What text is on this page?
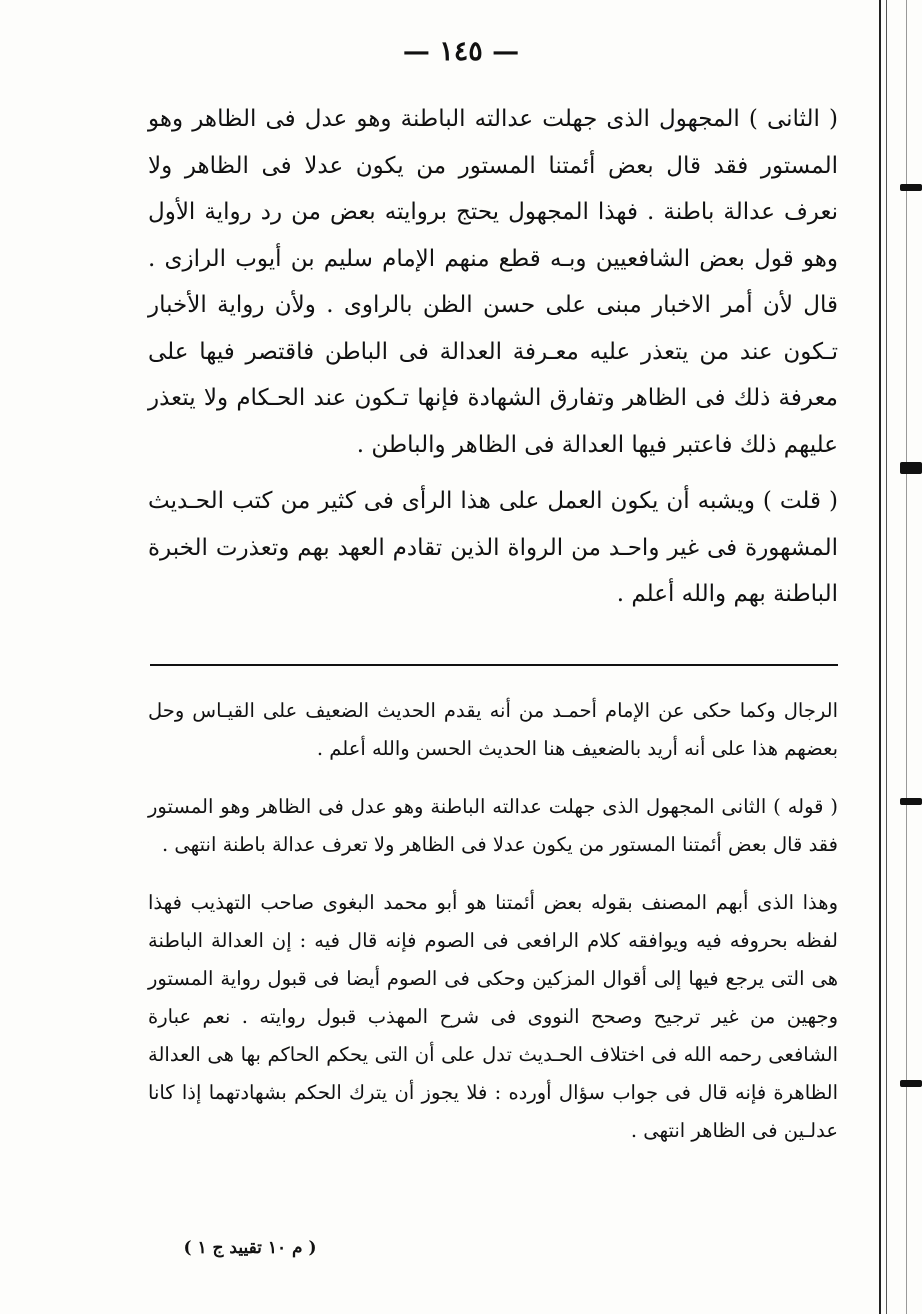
— ١٤٥ —

( الثانى ) المجهول الذى جهلت عدالته الباطنة وهو عدل فى الظاهر وهو المستور فقد قال بعض أئمتنا المستور من يكون عدلا فى الظاهر ولا نعرف عدالة باطنة . فهذا المجهول يحتج بروايته بعض من رد رواية الأول وهو قول بعض الشافعيين وبـه قطع منهم الإمام سليم بن أيوب الرازى . قال لأن أمر الاخبار مبنى على حسن الظن بالراوى . ولأن رواية الأخبار تـكون عند من يتعذر عليه معـرفة العدالة فى الباطن فاقتصر فيها على معرفة ذلك فى الظاهر وتفارق الشهادة فإنها تـكون عند الحـكام ولا يتعذر عليهم ذلك فاعتبر فيها العدالة فى الظاهر والباطن .

( قلت ) ويشبه أن يكون العمل على هذا الرأى فى كثير من كتب الحـديث المشهورة فى غير واحـد من الرواة الذين تقادم العهد بهم وتعذرت الخبرة الباطنة بهم والله أعلم .

الرجال وكما حكى عن الإمام أحمـد من أنه يقدم الحديث الضعيف على القيـاس وحل بعضهم هذا على أنه أريد بالضعيف هنا الحديث الحسن والله أعلم .

( قوله ) الثانى المجهول الذى جهلت عدالته الباطنة وهو عدل فى الظاهر وهو المستور فقد قال بعض أئمتنا المستور من يكون عدلا فى الظاهر ولا تعرف عدالة باطنة انتهى .

وهذا الذى أبهم المصنف بقوله بعض أئمتنا هو أبو محمد البغوى صاحب التهذيب فهذا لفظه بحروفه فيه ويوافقه كلام الرافعى فى الصوم فإنه قال فيه : إن العدالة الباطنة هى التى يرجع فيها إلى أقوال المزكين وحكى فى الصوم أيضا فى قبول رواية المستور وجهين من غير ترجيح وصحح النووى فى شرح المهذب قبول روايته . نعم عبارة الشافعى رحمه الله فى اختلاف الحـديث تدل على أن التى يحكم الحاكم بها هى العدالة الظاهرة فإنه قال فى جواب سؤال أورده : فلا يجوز أن يترك الحكم بشهادتهما إذا كانا عدلـين فى الظاهر انتهى .

( م ١٠ تقييد ج ١ )
